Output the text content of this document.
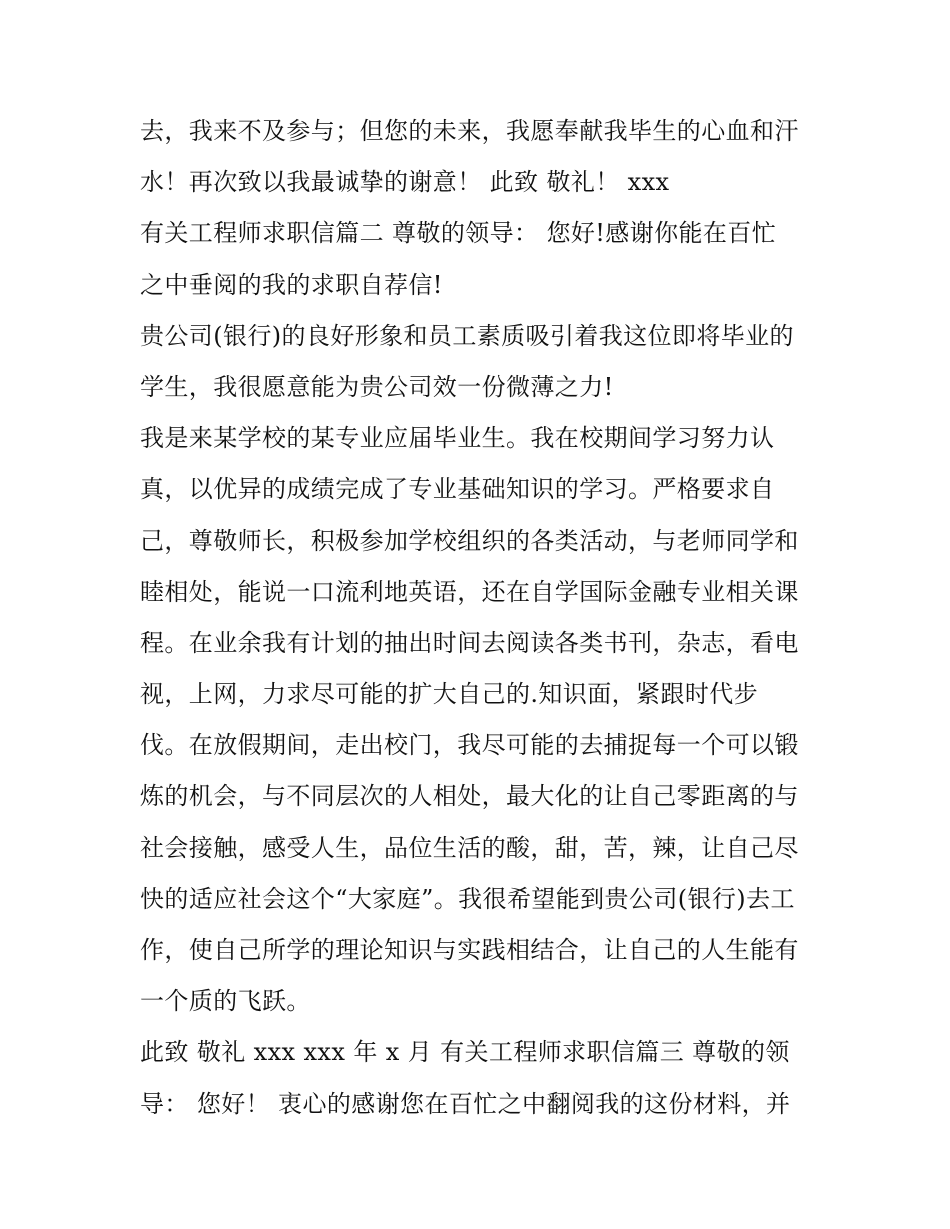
去，我来不及参与；但您的未来，我愿奉献我毕生的心血和汗
水！再次致以我最诚挚的谢意！ 此致 敬礼！ xxx
有关工程师求职信篇二 尊敬的领导： 您好!感谢你能在百忙
之中垂阅的我的求职自荐信!
贵公司(银行)的良好形象和员工素质吸引着我这位即将毕业的
学生，我很愿意能为贵公司效一份微薄之力!
我是来某学校的某专业应届毕业生。我在校期间学习努力认
真，以优异的成绩完成了专业基础知识的学习。严格要求自
己，尊敬师长，积极参加学校组织的各类活动，与老师同学和
睦相处，能说一口流利地英语，还在自学国际金融专业相关课
程。在业余我有计划的抽出时间去阅读各类书刊，杂志，看电
视，上网，力求尽可能的扩大自己的.知识面，紧跟时代步
伐。在放假期间，走出校门，我尽可能的去捕捉每一个可以锻
炼的机会，与不同层次的人相处，最大化的让自己零距离的与
社会接触，感受人生，品位生活的酸，甜，苦，辣，让自己尽
快的适应社会这个“大家庭”。我很希望能到贵公司(银行)去工
作，使自己所学的理论知识与实践相结合，让自己的人生能有
一个质的飞跃。
此致 敬礼 xxx xxx 年 x 月 有关工程师求职信篇三 尊敬的领
导： 您好！ 衷心的感谢您在百忙之中翻阅我的这份材料，并
